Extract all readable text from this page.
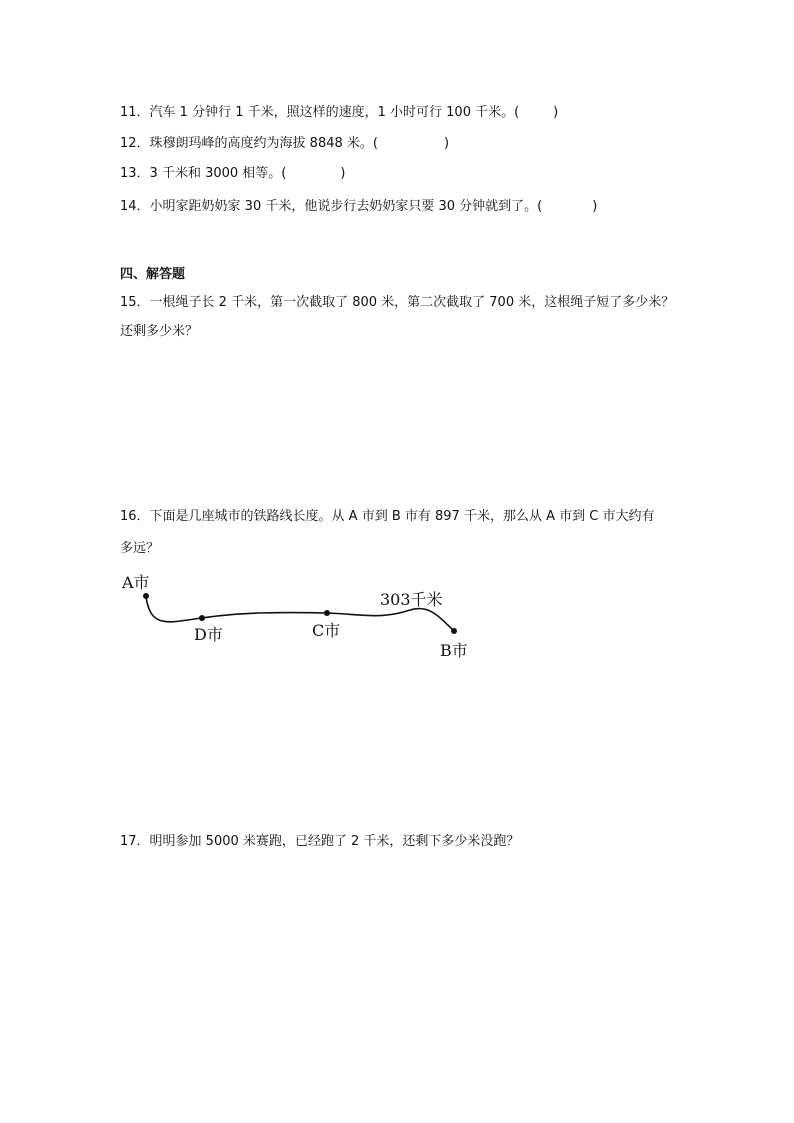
11．汽车 1 分钟行 1 千米，照这样的速度，1 小时可行 100 千米。(	)
12．珠穆朗玛峰的高度约为海拔 8848 米。(	)
13．3 千米和 3000 相等。(	)
14．小明家距奶奶家 30 千米，他说步行去奶奶家只要 30 分钟就到了。(	)
四、解答题
15．一根绳子长 2 千米，第一次截取了 800 米，第二次截取了 700 米，这根绳子短了多少米？
还剩多少米？
16．下面是几座城市的铁路线长度。从 A 市到 B 市有 897 千米，那么从 A 市到 C 市大约有
多远？
A市
D市	C市
B市
303千米
17．明明参加 5000 米赛跑，已经跑了 2 千米，还剩下多少米没跑？
